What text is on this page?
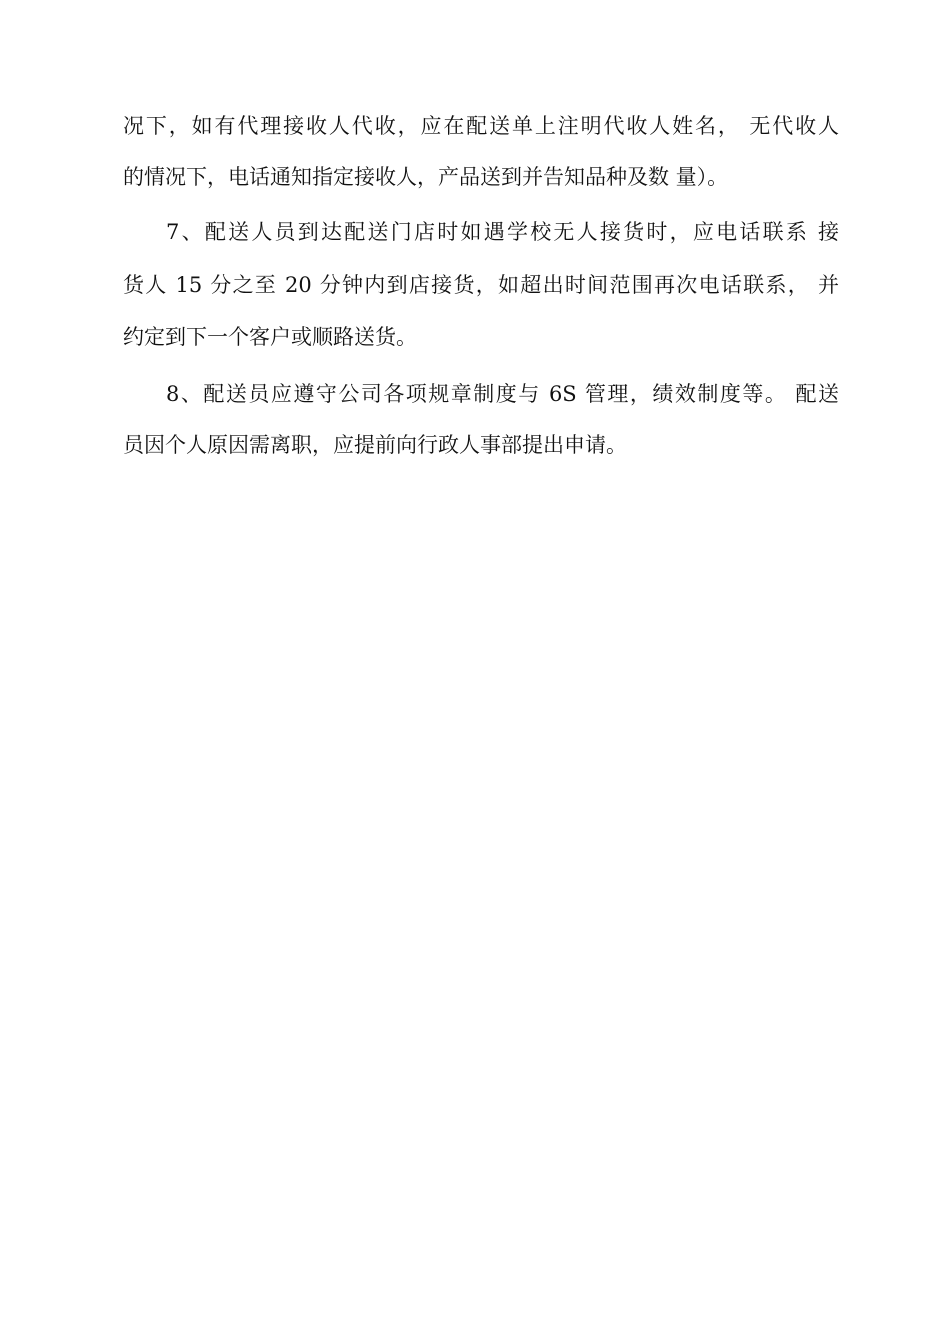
况下，如有代理接收人代收，应在配送单上注明代收人姓名， 无代收人
的情况下，电话通知指定接收人，产品送到并告知品种及数 量）。
7、配送人员到达配送门店时如遇学校无人接货时，应电话联系 接
货人 15 分之至 20 分钟内到店接货，如超出时间范围再次电话联系， 并
约定到下一个客户或顺路送货。
8、配送员应遵守公司各项规章制度与 6S 管理，绩效制度等。 配送
员因个人原因需离职，应提前向行政人事部提出申请。
